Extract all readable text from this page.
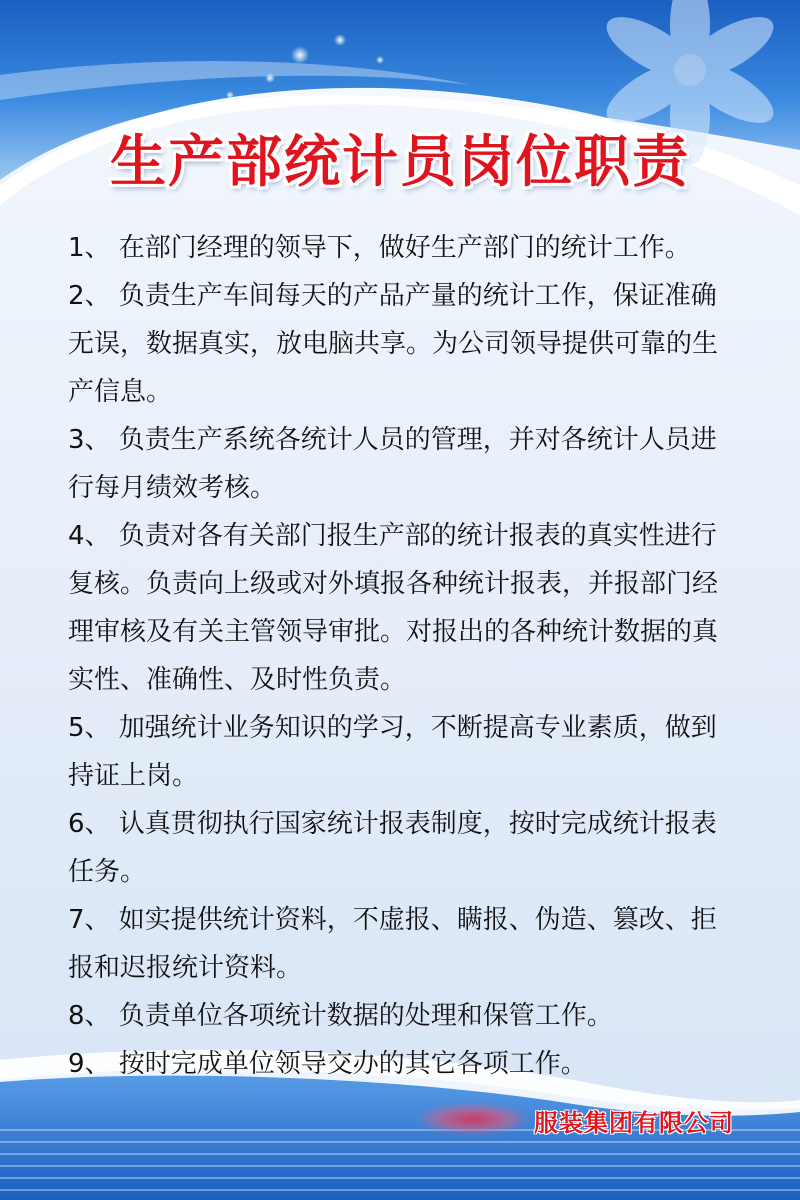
生产部统计员岗位职责

1、 在部门经理的领导下，做好生产部门的统计工作。

2、 负责生产车间每天的产品产量的统计工作，保证准确无误，数据真实，放电脑共享。为公司领导提供可靠的生产信息。

3、 负责生产系统各统计人员的管理，并对各统计人员进行每月绩效考核。

4、 负责对各有关部门报生产部的统计报表的真实性进行复核。负责向上级或对外填报各种统计报表，并报部门经理审核及有关主管领导审批。对报出的各种统计数据的真实性、准确性、及时性负责。

5、 加强统计业务知识的学习，不断提高专业素质，做到持证上岗。

6、 认真贯彻执行国家统计报表制度，按时完成统计报表任务。

7、 如实提供统计资料，不虚报、瞒报、伪造、篡改、拒报和迟报统计资料。

8、 负责单位各项统计数据的处理和保管工作。

9、 按时完成单位领导交办的其它各项工作。

服装集团有限公司
